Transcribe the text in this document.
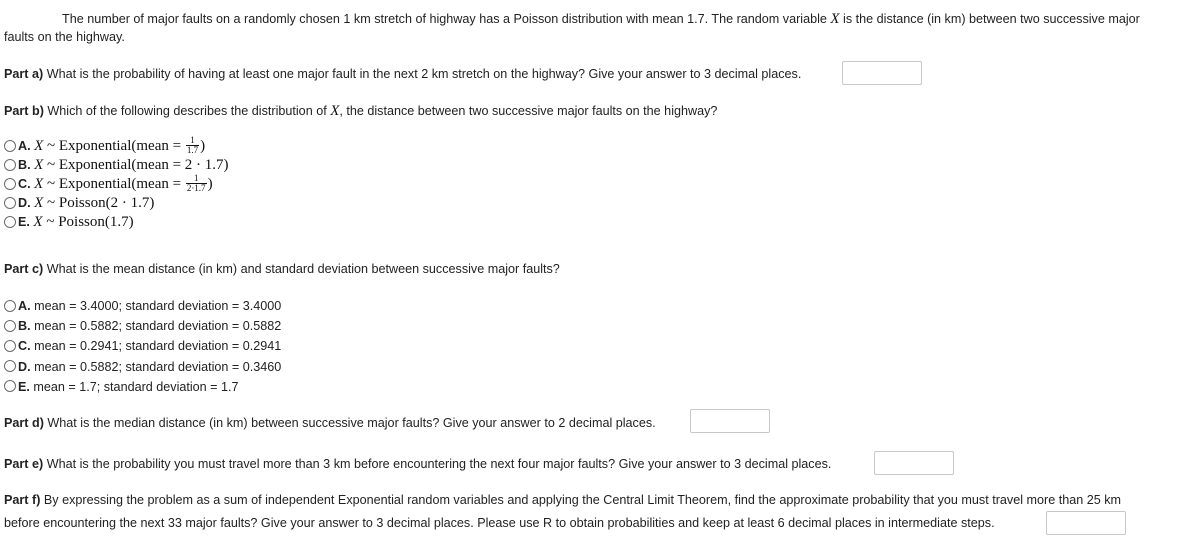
The number of major faults on a randomly chosen 1 km stretch of highway has a Poisson distribution with mean 1.7. The random variable X is the distance (in km) between two successive major
faults on the highway.
Part a) What is the probability of having at least one major fault in the next 2 km stretch on the highway? Give your answer to 3 decimal places.
Part b) Which of the following describes the distribution of X, the distance between two successive major faults on the highway?
A. X ~ Exponential(mean = $\frac{1}{1.7}$ )
B. X ~ Exponential(mean = 2 · 1.7)
C. X ~ Exponential(mean = $\frac{1}{2\cdot 1.7}$ )
D. X ~ Poisson(2 · 1.7)
E. X ~ Poisson(1.7)
Part c) What is the mean distance (in km) and standard deviation between successive major faults?
A. mean = 3.4000; standard deviation = 3.4000
B. mean = 0.5882; standard deviation = 0.5882
C. mean = 0.2941; standard deviation = 0.2941
D. mean = 0.5882; standard deviation = 0.3460
E. mean = 1.7; standard deviation = 1.7
Part d) What is the median distance (in km) between successive major faults? Give your answer to 2 decimal places.
Part e) What is the probability you must travel more than 3 km before encountering the next four major faults? Give your answer to 3 decimal places.
Part f) By expressing the problem as a sum of independent Exponential random variables and applying the Central Limit Theorem, find the approximate probability that you must travel more than 25 km
before encountering the next 33 major faults? Give your answer to 3 decimal places. Please use R to obtain probabilities and keep at least 6 decimal places in intermediate steps.
